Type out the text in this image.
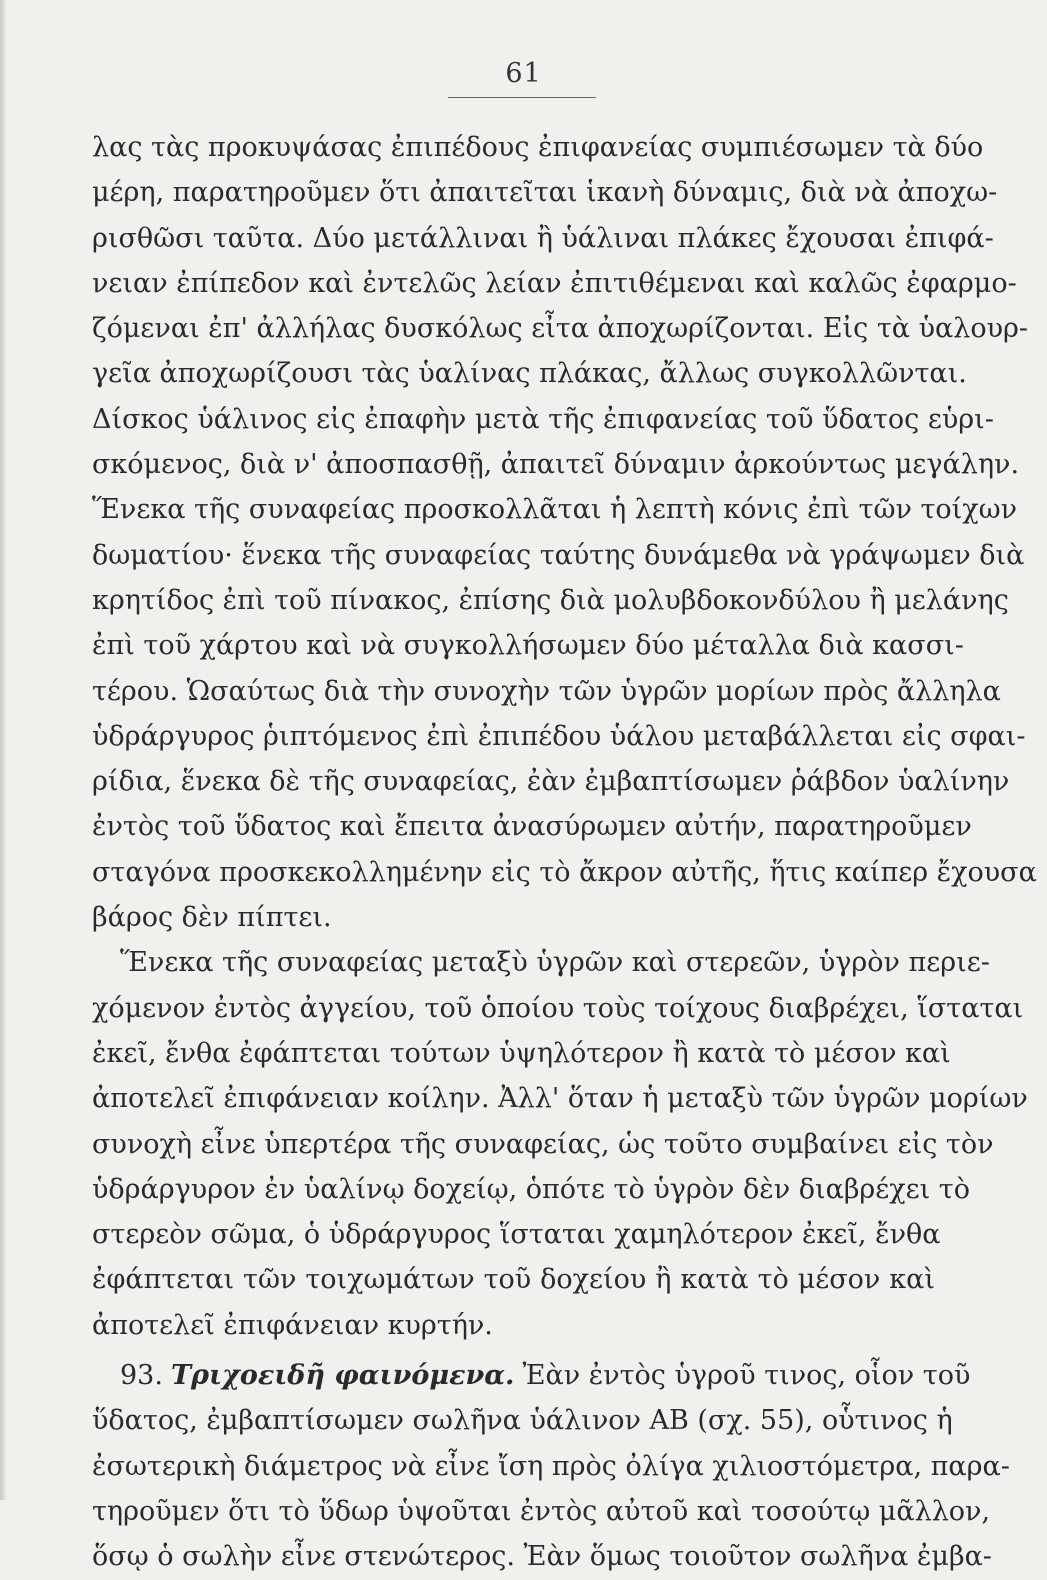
61
λας τὰς προκυψάσας ἐπιπέδους ἐπιφανείας συμπιέσωμεν τὰ δύο
μέρη, παρατηροῦμεν ὅτι ἀπαιτεῖται ἱκανὴ δύναμις, διὰ νὰ ἀποχω-
ρισθῶσι ταῦτα. Δύο μετάλλιναι ἢ ὑάλιναι πλάκες ἔχουσαι ἐπιφά-
νειαν ἐπίπεδον καὶ ἐντελῶς λείαν ἐπιτιθέμεναι καὶ καλῶς ἐφαρμο-
ζόμεναι ἐπ' ἀλλήλας δυσκόλως εἶτα ἀποχωρίζονται. Εἰς τὰ ὑαλουρ-
γεῖα ἀποχωρίζουσι τὰς ὑαλίνας πλάκας, ἄλλως συγκολλῶνται.
Δίσκος ὑάλινος εἰς ἐπαφὴν μετὰ τῆς ἐπιφανείας τοῦ ὕδατος εὑρι-
σκόμενος, διὰ ν' ἀποσπασθῇ, ἀπαιτεῖ δύναμιν ἀρκούντως μεγάλην.
Ἕνεκα τῆς συναφείας προσκολλᾶται ἡ λεπτὴ κόνις ἐπὶ τῶν τοίχων
δωματίου· ἕνεκα τῆς συναφείας ταύτης δυνάμεθα νὰ γράψωμεν διὰ
κρητίδος ἐπὶ τοῦ πίνακος, ἐπίσης διὰ μολυβδοκονδύλου ἢ μελάνης
ἐπὶ τοῦ χάρτου καὶ νὰ συγκολλήσωμεν δύο μέταλλα διὰ κασσι-
τέρου. Ὡσαύτως διὰ τὴν συνοχὴν τῶν ὑγρῶν μορίων πρὸς ἄλληλα
ὑδράργυρος ῥιπτόμενος ἐπὶ ἐπιπέδου ὑάλου μεταβάλλεται εἰς σφαι-
ρίδια, ἕνεκα δὲ τῆς συναφείας, ἐὰν ἐμβαπτίσωμεν ῥάβδον ὑαλίνην
ἐντὸς τοῦ ὕδατος καὶ ἔπειτα ἀνασύρωμεν αὐτήν, παρατηροῦμεν
σταγόνα προσκεκολλημένην εἰς τὸ ἄκρον αὐτῆς, ἥτις καίπερ ἔχουσα
βάρος δὲν πίπτει.
Ἕνεκα τῆς συναφείας μεταξὺ ὑγρῶν καὶ στερεῶν, ὑγρὸν περιε-
χόμενον ἐντὸς ἀγγείου, τοῦ ὁποίου τοὺς τοίχους διαβρέχει, ἵσταται
ἐκεῖ, ἔνθα ἐφάπτεται τούτων ὑψηλότερον ἢ κατὰ τὸ μέσον καὶ
ἀποτελεῖ ἐπιφάνειαν κοίλην. Ἀλλ' ὅταν ἡ μεταξὺ τῶν ὑγρῶν μορίων
συνοχὴ εἶνε ὑπερτέρα τῆς συναφείας, ὡς τοῦτο συμβαίνει εἰς τὸν
ὑδράργυρον ἐν ὑαλίνῳ δοχείῳ, ὁπότε τὸ ὑγρὸν δὲν διαβρέχει τὸ
στερεὸν σῶμα, ὁ ὑδράργυρος ἵσταται χαμηλότερον ἐκεῖ, ἔνθα
ἐφάπτεται τῶν τοιχωμάτων τοῦ δοχείου ἢ κατὰ τὸ μέσον καὶ
ἀποτελεῖ ἐπιφάνειαν κυρτήν.
93. Τριχοειδῆ φαινόμενα. Ἐὰν ἐντὸς ὑγροῦ τινος, οἷον τοῦ
ὕδατος, ἐμβαπτίσωμεν σωλῆνα ὑάλινον ΑΒ (σχ. 55), οὗτινος ἡ
ἐσωτερικὴ διάμετρος νὰ εἶνε ἴση πρὸς ὀλίγα χιλιοστόμετρα, παρα-
τηροῦμεν ὅτι τὸ ὕδωρ ὑψοῦται ἐντὸς αὐτοῦ καὶ τοσούτῳ μᾶλλον,
ὅσῳ ὁ σωλὴν εἶνε στενώτερος. Ἐὰν ὅμως τοιοῦτον σωλῆνα ἐμβα-
